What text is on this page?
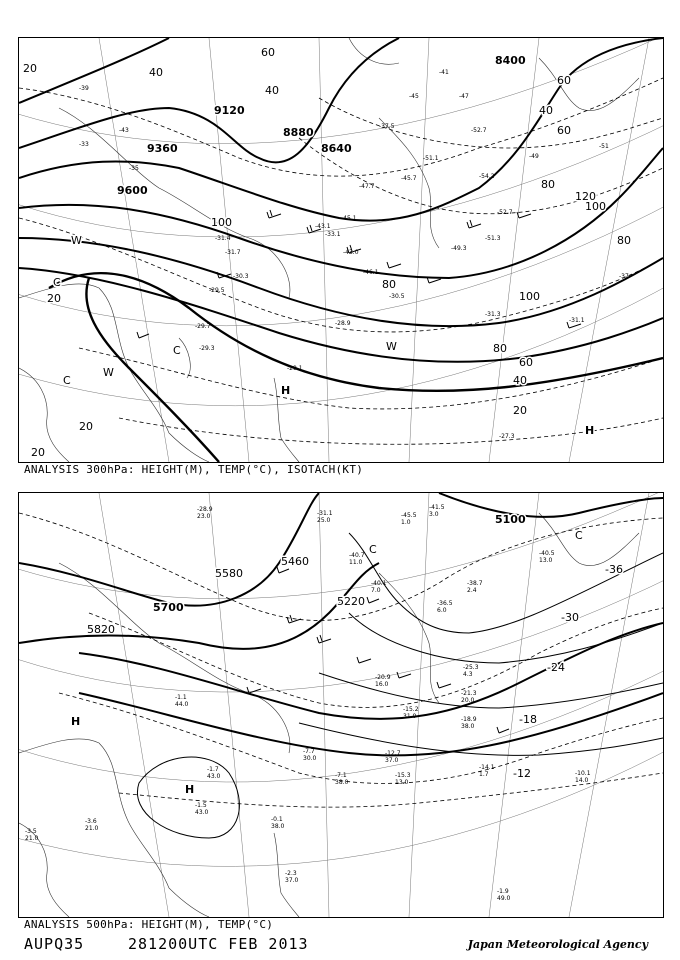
9120
8880
9360	8640
9600
8400
60
40
20
100
120
80
60
80
100
80
100
80
60
40
20
40
20
20
60
40
20
W
C
C
W
C
W
H
H
-31.4
-31.7
-30.3
-29.5
-29.7
-29.3
-29.1
-28.9
-30.5
-31.3
-31.1
-33.1
-37.5
-43.1
-45.1
-49.3
-51.3
-52.7
-54.2
-52.7
-51.1
-45.7
-27.3
-47.7
-46.1
-43.0
-39
-43
-45
-33
-35
-41
-47
-49
-51
-37
ANALYSIS 300hPa: HEIGHT(M), TEMP(°C), ISOTACH(KT)
5100
5460
5580
5220
5700
5820
-36
-30
-24
-18
-12
C
C
H
H
-45.5
1.0
-41.5
3.0
-28.9
23.0	-31.1
25.0
-40.7
11.0
-40.1
7.0
-38.7
2.4
-36.5
6.0
-40.5
13.0
-25.3
4.3
-21.3
20.0
-18.9
38.0
-15.3
13.0
-12.7
37.0
-14.1
1.7	-10.1
14.0
-7.1
38.0
-7.7
30.0
-1.1
44.0
-1.5
43.0
-1.7
43.0
-0.1
38.0
-2.3
37.0
-1.9
49.0
-3.5
21.0
-3.6
21.0
-20.9
16.0
-15.2
31.0
ANALYSIS 500hPa: HEIGHT(M), TEMP(°C)
AUPQ35	281200UTC FEB 2013	Japan Meteorological Agency
